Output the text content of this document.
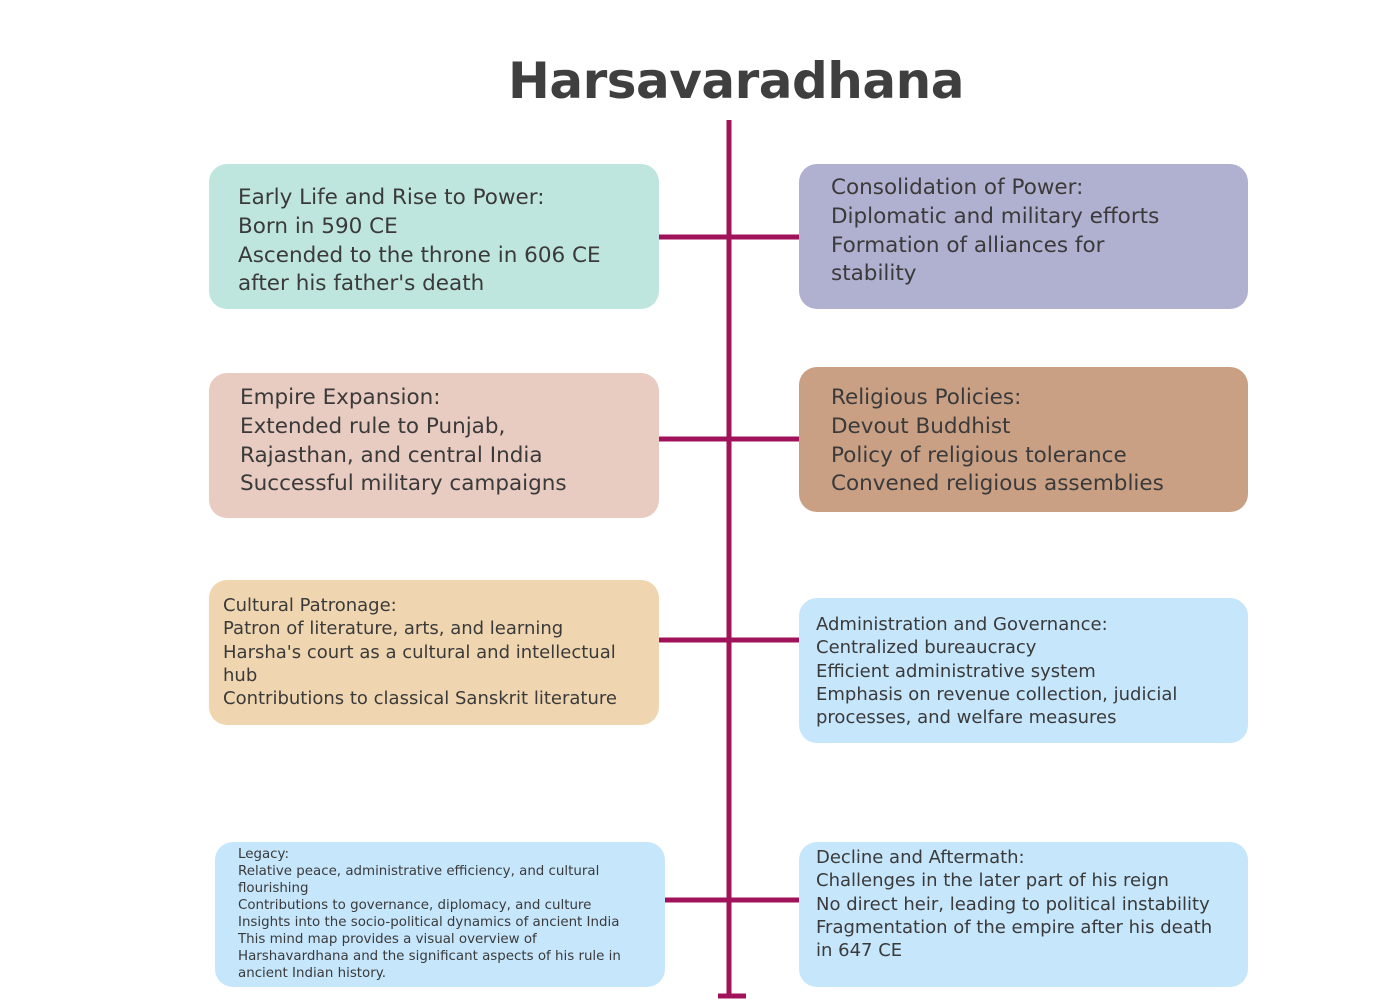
Harsavaradhana
Early Life and Rise to Power:
Born in 590 CE
Ascended to the throne in 606 CE after his father's death
Consolidation of Power:
Diplomatic and military efforts
Formation of alliances for stability
Empire Expansion:
Extended rule to Punjab, Rajasthan, and central India
Successful military campaigns
Religious Policies:
Devout Buddhist
Policy of religious tolerance
Convened religious assemblies
Cultural Patronage:
Patron of literature, arts, and learning
Harsha's court as a cultural and intellectual hub
Contributions to classical Sanskrit literature
Administration and Governance:
Centralized bureaucracy
Efficient administrative system
Emphasis on revenue collection, judicial processes, and welfare measures
Legacy:
Relative peace, administrative efficiency, and cultural flourishing
Contributions to governance, diplomacy, and culture
Insights into the socio-political dynamics of ancient India
This mind map provides a visual overview of Harshavardhana and the significant aspects of his rule in ancient Indian history.
Decline and Aftermath:
Challenges in the later part of his reign
No direct heir, leading to political instability
Fragmentation of the empire after his death in 647 CE
